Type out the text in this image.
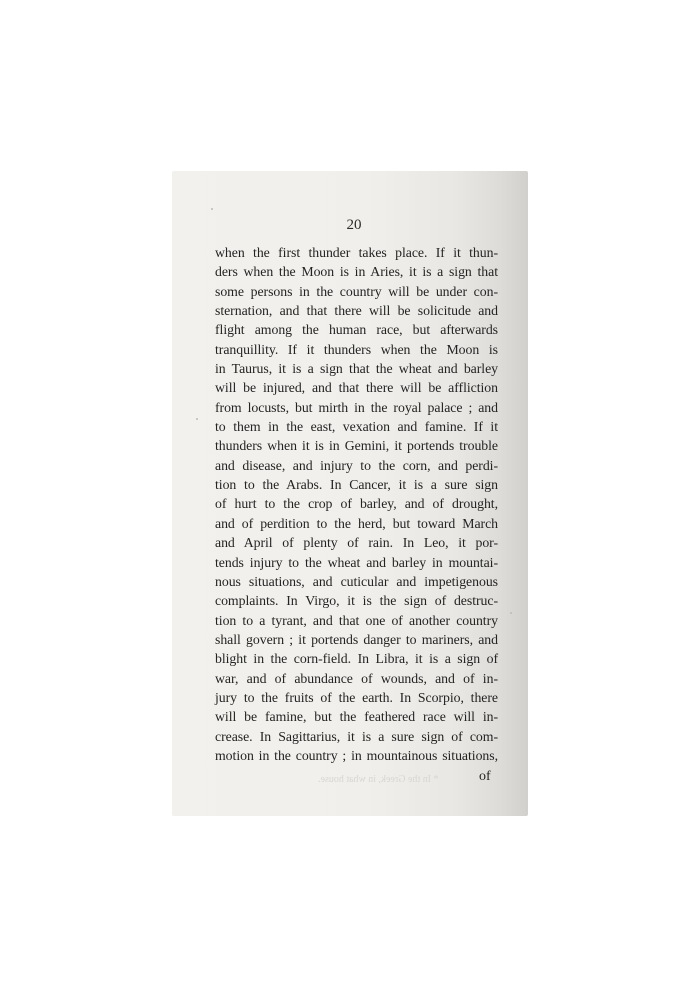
20
when the first thunder takes place. If it thun-
ders when the Moon is in Aries, it is a sign that
some persons in the country will be under con-
sternation, and that there will be solicitude and
flight among the human race, but afterwards
tranquillity. If it thunders when the Moon is
in Taurus, it is a sign that the wheat and barley
will be injured, and that there will be affliction
from locusts, but mirth in the royal palace ; and
to them in the east, vexation and famine. If it
thunders when it is in Gemini, it portends trouble
and disease, and injury to the corn, and perdi-
tion to the Arabs. In Cancer, it is a sure sign
of hurt to the crop of barley, and of drought,
and of perdition to the herd, but toward March
and April of plenty of rain. In Leo, it por-
tends injury to the wheat and barley in mountai-
nous situations, and cuticular and impetigenous
complaints. In Virgo, it is the sign of destruc-
tion to a tyrant, and that one of another country
shall govern ; it portends danger to mariners, and
blight in the corn-field. In Libra, it is a sign of
war, and of abundance of wounds, and of in-
jury to the fruits of the earth. In Scorpio, there
will be famine, but the feathered race will in-
crease. In Sagittarius, it is a sure sign of com-
motion in the country ; in mountainous situations,
* In the Greek, in what house.	of
